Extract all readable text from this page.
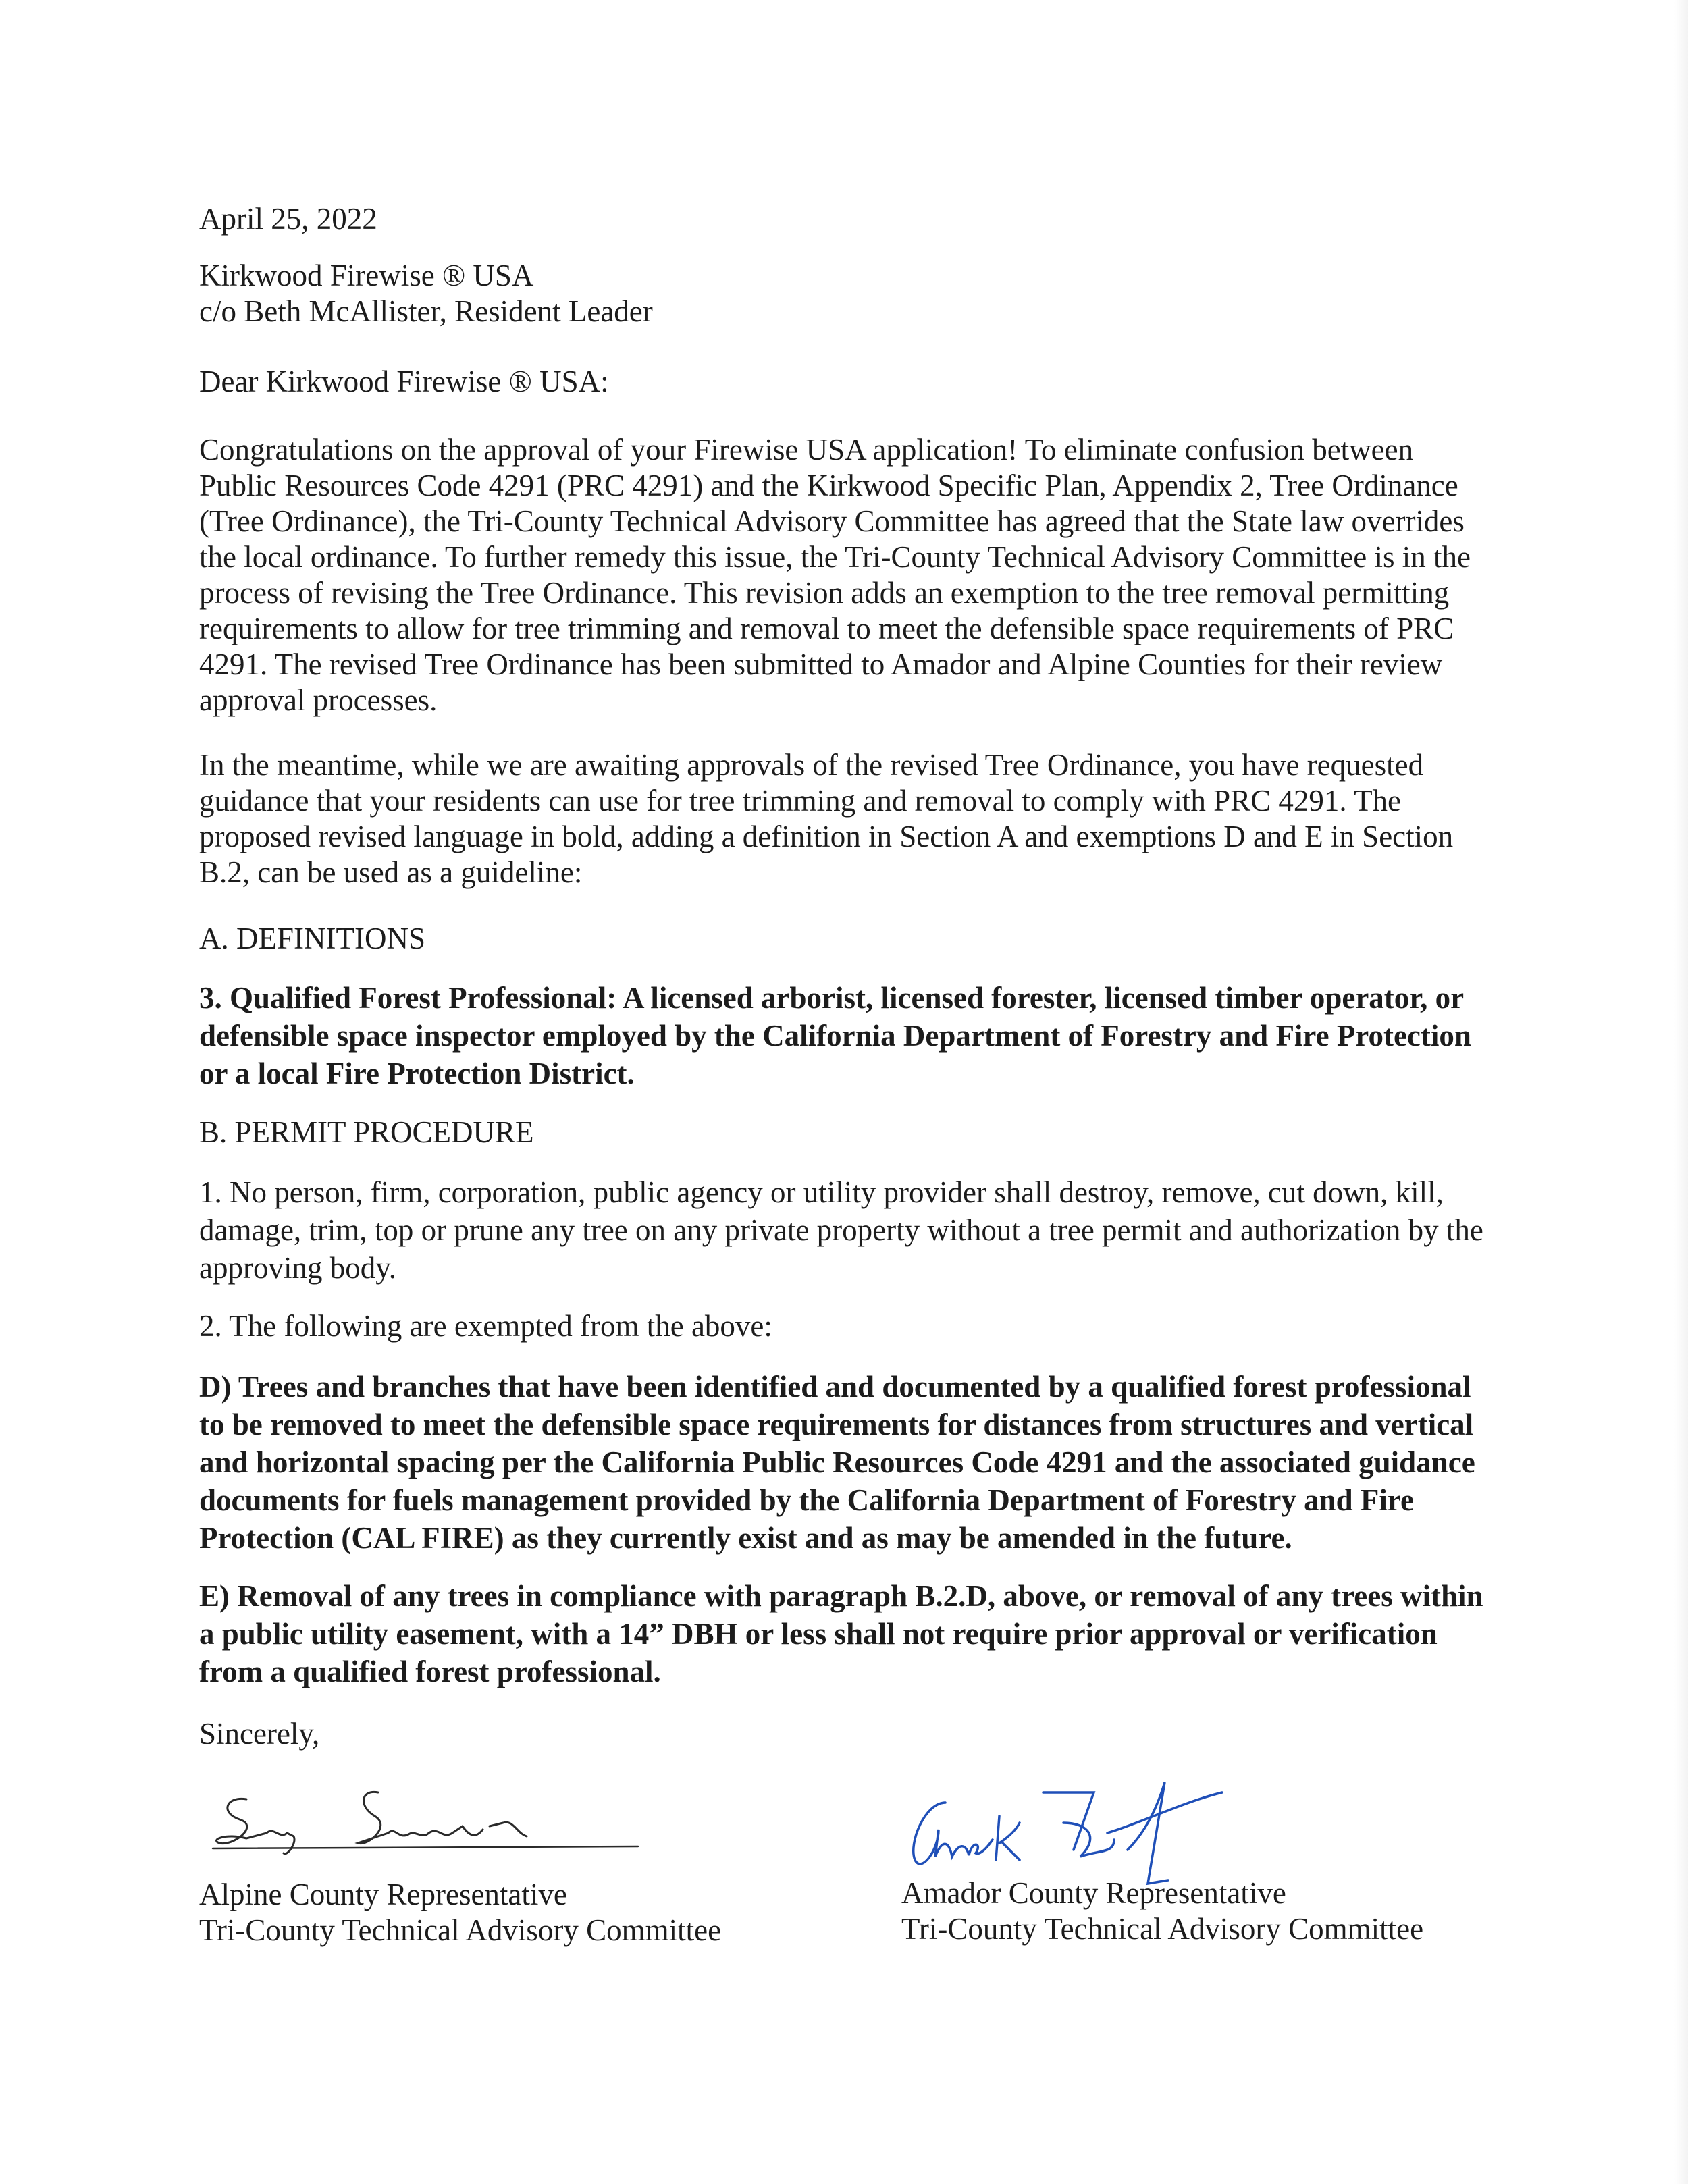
April 25, 2022
Kirkwood Firewise ® USA
c/o Beth McAllister, Resident Leader
Dear Kirkwood Firewise ® USA:
Congratulations on the approval of your Firewise USA application! To eliminate confusion between
Public Resources Code 4291 (PRC 4291) and the Kirkwood Specific Plan, Appendix 2, Tree Ordinance
(Tree Ordinance), the Tri-County Technical Advisory Committee has agreed that the State law overrides
the local ordinance. To further remedy this issue, the Tri-County Technical Advisory Committee is in the
process of revising the Tree Ordinance. This revision adds an exemption to the tree removal permitting
requirements to allow for tree trimming and removal to meet the defensible space requirements of PRC
4291. The revised Tree Ordinance has been submitted to Amador and Alpine Counties for their review
approval processes.
In the meantime, while we are awaiting approvals of the revised Tree Ordinance, you have requested
guidance that your residents can use for tree trimming and removal to comply with PRC 4291. The
proposed revised language in bold, adding a definition in Section A and exemptions D and E in Section
B.2, can be used as a guideline:
A. DEFINITIONS
3. Qualified Forest Professional: A licensed arborist, licensed forester, licensed timber operator, or
defensible space inspector employed by the California Department of Forestry and Fire Protection
or a local Fire Protection District.
B. PERMIT PROCEDURE
1. No person, firm, corporation, public agency or utility provider shall destroy, remove, cut down, kill,
damage, trim, top or prune any tree on any private property without a tree permit and authorization by the
approving body.
2. The following are exempted from the above:
D) Trees and branches that have been identified and documented by a qualified forest professional
to be removed to meet the defensible space requirements for distances from structures and vertical
and horizontal spacing per the California Public Resources Code 4291 and the associated guidance
documents for fuels management provided by the California Department of Forestry and Fire
Protection (CAL FIRE) as they currently exist and as may be amended in the future.
E) Removal of any trees in compliance with paragraph B.2.D, above, or removal of any trees within
a public utility easement, with a 14” DBH or less shall not require prior approval or verification
from a qualified forest professional.
Sincerely,
Alpine County Representative
Tri-County Technical Advisory Committee
Amador County Representative
Tri-County Technical Advisory Committee
